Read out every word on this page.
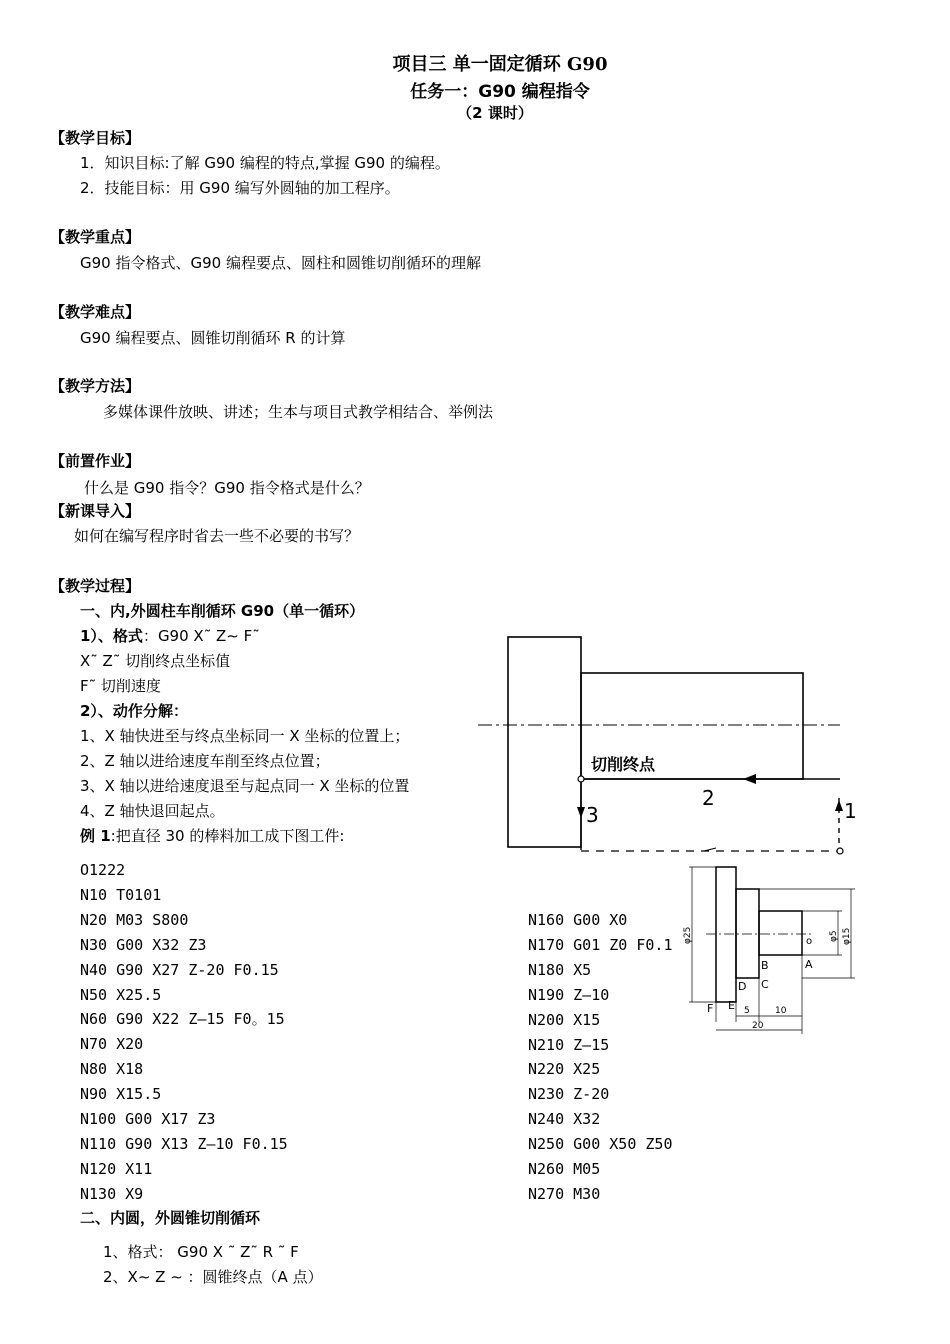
项目三 单一固定循环 G90
任务一：G90 编程指令
（2 课时）
【教学目标】
1．知识目标:了解 G90 编程的特点,掌握 G90 的编程。
2．技能目标：用 G90 编写外圆轴的加工程序。
【教学重点】
G90 指令格式、G90 编程要点、圆柱和圆锥切削循环的理解
【教学难点】
G90 编程要点、圆锥切削循环 R 的计算
【教学方法】
多媒体课件放映、讲述；生本与项目式教学相结合、举例法
【前置作业】
什么是 G90 指令？G90 指令格式是什么？
【新课导入】
如何在编写程序时省去一些不必要的书写？
【教学过程】
一、内,外圆柱车削循环 G90（单一循环）
1）、格式：G90 X˜ Z∼ F˜
X˜ Z˜ 切削终点坐标值
F˜ 切削速度
2）、动作分解：
1、X 轴快进至与终点坐标同一 X 坐标的位置上；
2、Z 轴以进给速度车削至终点位置；
3、X 轴以进给速度退至与起点同一 X 坐标的位置
4、Z 轴快退回起点。
例 1:把直径 30 的棒料加工成下图工件:
O1222
N10 T0101
N20 M03 S800
N30 G00 X32 Z3
N40 G90 X27 Z-20 F0.15
N50 X25.5
N60 G90 X22 Z—15 F0。15
N70 X20
N80 X18
N90 X15.5
N100 G00 X17 Z3
N110 G90 X13 Z—10 F0.15
N120 X11
N130 X9
N160 G00 X0
N170 G01 Z0 F0.1
N180 X5
N190 Z—10
N200 X15
N210 Z—15
N220 X25
N230 Z-20
N240 X32
N250 G00 X50 Z50
N260 M05
N270 M30
二、内圆，外圆锥切削循环
1、格式： G90 X ˜ Z˜ R ˜ F
2、X∼ Z ∼ ：圆锥终点（A 点）
切削终点
2
3	1
φ25	φ5 φ15
o
A
B
C
D
E
F	5	10
20
